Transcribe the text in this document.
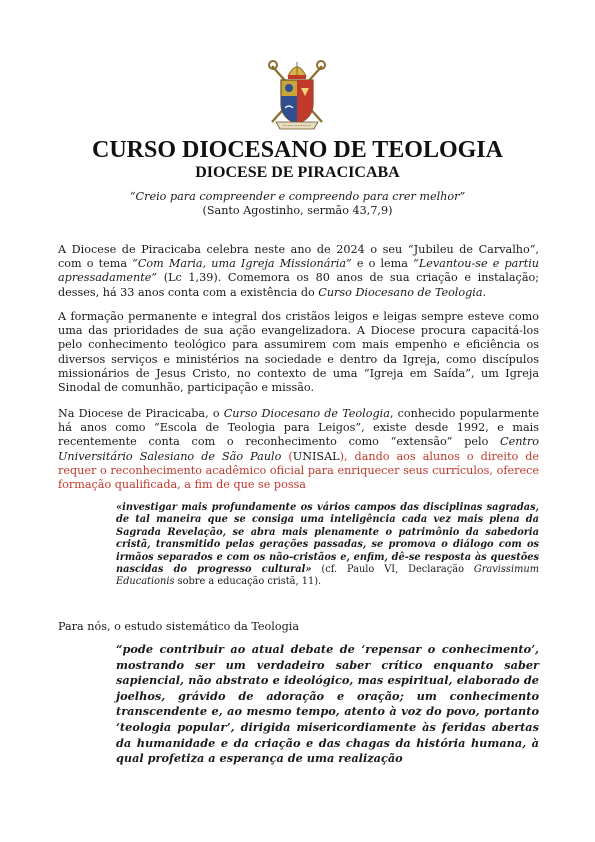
CURSO DIOCESANO DE TEOLOGIA
DIOCESE DE PIRACICABA
“Creio para compreender e compreendo para crer melhor”
(Santo Agostinho, sermão 43,7,9)

A Diocese de Piracicaba celebra neste ano de 2024 o seu “Jubileu de Carvalho”, com o tema “Com Maria, uma Igreja Missionária” e o lema “Levantou-se e partiu apressadamente” (Lc 1,39). Comemora os 80 anos de sua criação e instalação; desses, há 33 anos conta com a existência do Curso Diocesano de Teologia.

A formação permanente e integral dos cristãos leigos e leigas sempre esteve como uma das prioridades de sua ação evangelizadora. A Diocese procura capacitá-los pelo conhecimento teológico para assumirem com mais empenho e eficiência os diversos serviços e ministérios na sociedade e dentro da Igreja, como discípulos missionários de Jesus Cristo, no contexto de uma “Igreja em Saída”, um Igreja Sinodal de comunhão, participação e missão.

Na Diocese de Piracicaba, o Curso Diocesano de Teologia, conhecido popularmente há anos como “Escola de Teologia para Leigos”, existe desde 1992, e mais recentemente conta com o reconhecimento como “extensão” pelo Centro Universitário Salesiano de São Paulo (UNISAL), dando aos alunos o direito de requer o reconhecimento acadêmico oficial para enriquecer seus currículos, oferece formação qualificada, a fim de que se possa

«investigar mais profundamente os vários campos das disciplinas sagradas, de tal maneira que se consiga uma inteligência cada vez mais plena da Sagrada Revelação, se abra mais plenamente o patrimônio da sabedoria cristã, transmitido pelas gerações passadas, se promova o diálogo com os irmãos separados e com os não-cristãos e, enfim, dê-se resposta às questões nascidas do progresso cultural» (cf. Paulo VI, Declaração Gravissimum Educationis sobre a educação cristã, 11).

Para nós, o estudo sistemático da Teologia

“pode contribuir ao atual debate de ‘repensar o conhecimento’, mostrando ser um verdadeiro saber crítico enquanto saber sapiencial, não abstrato e ideológico, mas espiritual, elaborado de joelhos, grávido de adoração e oração; um conhecimento transcendente e, ao mesmo tempo, atento à voz do povo, portanto ‘teologia popular’, dirigida misericordiamente às feridas abertas da humanidade e da criação e das chagas da história humana, à qual profetiza a esperança de uma realização
